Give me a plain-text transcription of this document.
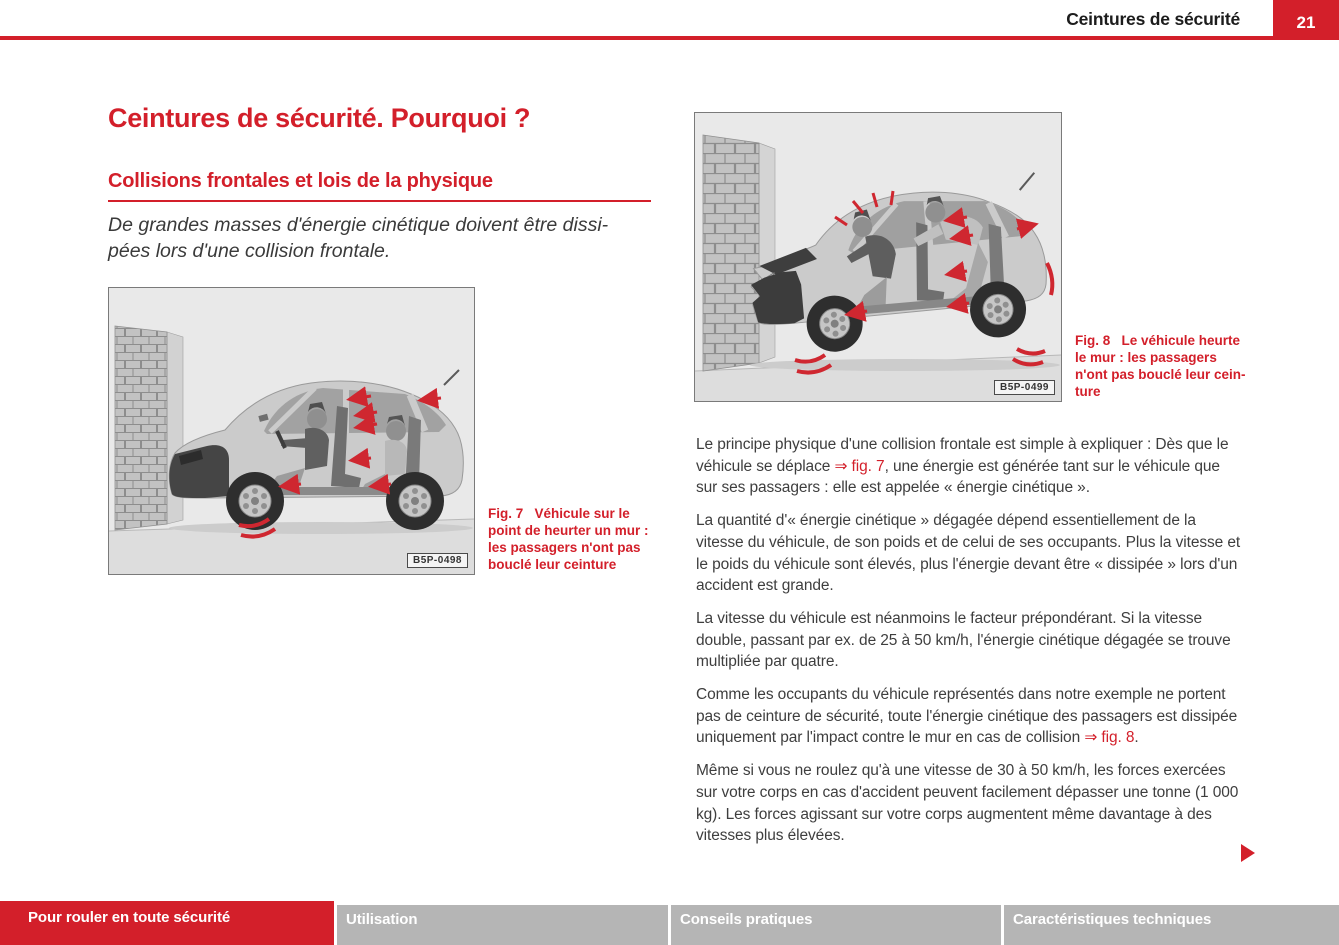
Ceintures de sécurité	21
Ceintures de sécurité. Pourquoi ?
Collisions frontales et lois de la physique
De grandes masses d'énergie cinétique doivent être dissi-
pées lors d'une collision frontale.
B5P-0498
Fig. 7   Véhicule sur le
point de heurter un mur :
les passagers n'ont pas
bouclé leur ceinture
B5P-0499
Fig. 8   Le véhicule heurte
le mur : les passagers
n'ont pas bouclé leur cein-
ture

Le principe physique d'une collision frontale est simple à expliquer : Dès que le véhicule se déplace ⇒ fig. 7, une énergie est générée tant sur le véhicule que sur ses passagers : elle est appelée « énergie cinétique ».

La quantité d'« énergie cinétique » dégagée dépend essentiellement de la vitesse du véhicule, de son poids et de celui de ses occupants. Plus la vitesse et le poids du véhicule sont élevés, plus l'énergie devant être « dissipée » lors d'un accident est grande.

La vitesse du véhicule est néanmoins le facteur prépondérant. Si la vitesse double, passant par ex. de 25 à 50 km/h, l'énergie cinétique dégagée se trouve multipliée par quatre.

Comme les occupants du véhicule représentés dans notre exemple ne portent pas de ceinture de sécurité, toute l'énergie cinétique des passagers est dissipée uniquement par l'impact contre le mur en cas de collision ⇒ fig. 8.

Même si vous ne roulez qu'à une vitesse de 30 à 50 km/h, les forces exercées sur votre corps en cas d'accident peuvent facilement dépasser une tonne (1 000 kg). Les forces agissant sur votre corps augmentent même davantage à des vitesses plus élevées.

Pour rouler en toute sécurité	Utilisation	Conseils pratiques	Caractéristiques techniques
